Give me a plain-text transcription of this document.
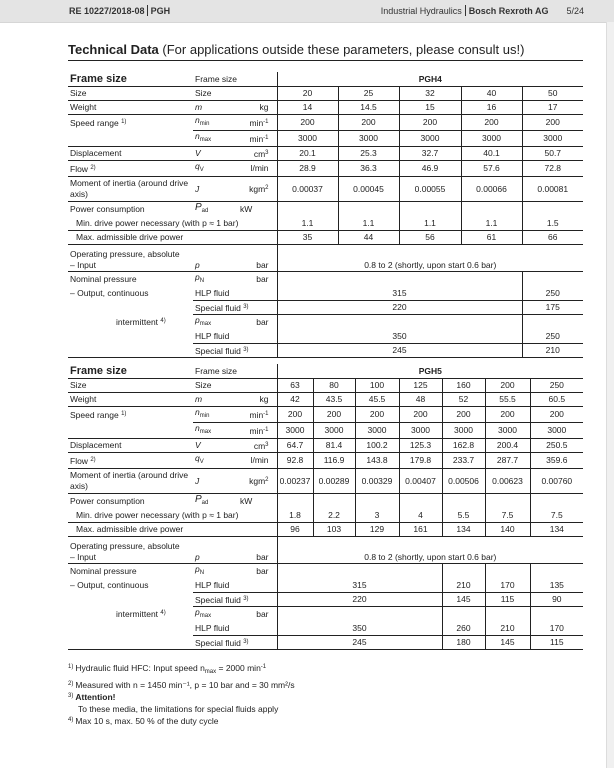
RE 10227/2018-08 PGH	Industrial Hydraulics Bosch Rexroth AG 5/24
Technical Data (For applications outside these parameters, please consult us!)
Frame size	Frame size		PGH4				
Size	Size		20	25	32	40	50
Weight	m	kg	14	14.5	15	16	17
Speed range $^{1)}$	$n_{min}$	$\min^{-1}$	200	200	200	200	200
	$n_{max}$	$\min^{-1}$	3000	3000	3000	3000	3000
Displacement	V	$cm^3$	20.1	25.3	32.7	40.1	50.7
Flow $^{2)}$	$q_V$	l/min	28.9	36.3	46.9	57.6	72.8
Moment of inertia (around drive axis)	J	kgm$^2$	0.00037	0.00045	0.00055	0.00066	0.00081
Power consumption	$P_{ad}$	kW					
Min. drive power necessary (with p ≈ 1 bar)			1.1	1.1	1.1	1.1	1.5
Max. admissible drive power			35	44	56	61	66

Operating pressure, absolute
– Input	p	bar	0.8 to 2 (shortly, upon start 0.6 bar)				
Nominal pressure	$p_N$	bar					
– Output, continuous	HLP fluid		315				250
	Special fluid $^{3)}$		220				175
intermittent $^{4)}$	$p_{max}$	bar					
	HLP fluid		350				250
	Special fluid $^{3)}$		245				210
Frame size	Frame size		PGH5						
Size	Size		63	80	100	125	160	200	250
Weight	m	kg	42	43.5	45.5	48	52	55.5	60.5
Speed range $^{1)}$	$n_{min}$	$\min^{-1}$	200	200	200	200	200	200	200
	$n_{max}$	$\min^{-1}$	3000	3000	3000	3000	3000	3000	3000
Displacement	V	$cm^3$	64.7	81.4	100.2	125.3	162.8	200.4	250.5
Flow $^{2)}$	$q_V$	l/min	92.8	116.9	143.8	179.8	233.7	287.7	359.6
Moment of inertia (around drive axis)	J	kgm$^2$	0.00237	0.00289	0.00329	0.00407	0.00506	0.00623	0.00760
Power consumption	$P_{ad}$	kW							
Min. drive power necessary (with p ≈ 1 bar)			1.8	2.2	3	4	5.5	7.5	7.5
Max. admissible drive power			96	103	129	161	134	140	134

Operating pressure, absolute
– Input	p	bar	0.8 to 2 (shortly, upon start 0.6 bar)						
Nominal pressure	$p_N$	bar							
– Output, continuous	HLP fluid		315				210	170	135
	Special fluid $^{3)}$		220				145	115	90
intermittent $^{4)}$	$p_{max}$	bar							
	HLP fluid		350				260	210	170
	Special fluid $^{3)}$		245				180	145	115
$^{1)}$ Hydraulic fluid HFC: Input speed $n_{max} = 2000$ $\min^{-1}$
$^{2)}$ Measured with n = 1450 min⁻¹, p = 10 bar and = 30 mm²/s
$^{3)}$ Attention!
To these media, the limitations for special fluids apply
$^{4)}$ Max 10 s, max. 50 % of the duty cycle
